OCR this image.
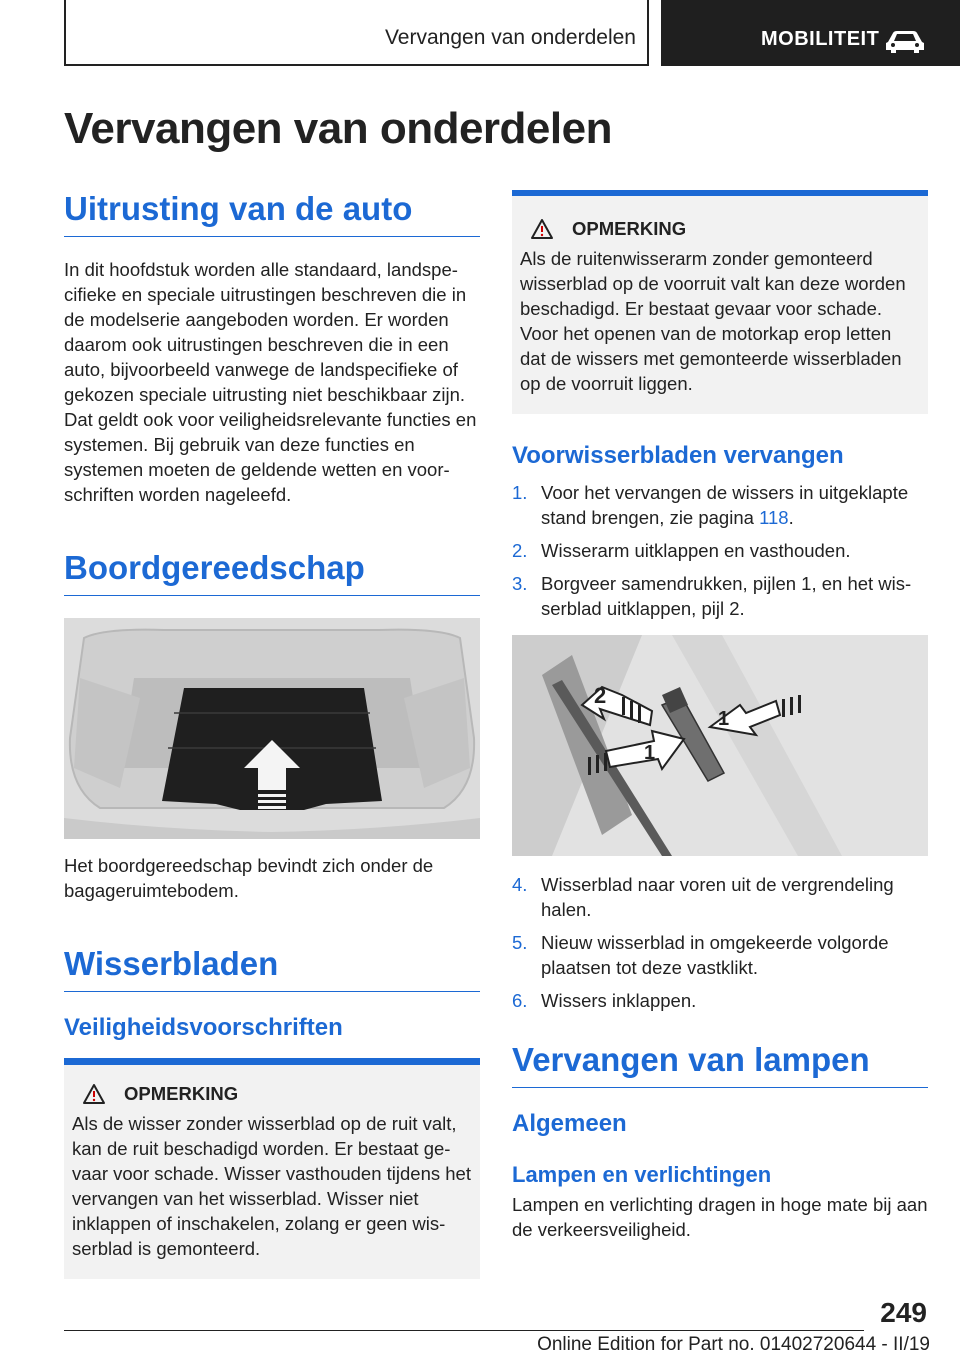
Vervangen van onderdelen	MOBILITEIT
Vervangen van onderdelen
Uitrusting van de auto
In dit hoofdstuk worden alle standaard, landspecifieke en speciale uitrustingen beschreven die in de modelserie aangeboden worden. Er worden daarom ook uitrustingen beschreven die in een auto, bijvoorbeeld vanwege de landspecifieke of gekozen speciale uitrusting niet beschikbaar zijn. Dat geldt ook voor veiligheidsrelevante functies en systemen. Bij gebruik van deze functies en systemen moeten de geldende wetten en voorschriften worden nageleefd.
Boordgereedschap
Het boordgereedschap bevindt zich onder de bagageruimtebodem.
Wisserbladen
Veiligheidsvoorschriften
OPMERKING
Als de wisser zonder wisserblad op de ruit valt, kan de ruit beschadigd worden. Er bestaat gevaar voor schade. Wisser vasthouden tijdens het vervangen van het wisserblad. Wisser niet inklappen of inschakelen, zolang er geen wisserblad is gemonteerd.
OPMERKING
Als de ruitenwisserarm zonder gemonteerd wisserblad op de voorruit valt kan deze worden beschadigd. Er bestaat gevaar voor schade. Voor het openen van de motorkap erop letten dat de wissers met gemonteerde wisserbladen op de voorruit liggen.
Voorwisserbladen vervangen
1. Voor het vervangen de wissers in uitgeklapte stand brengen, zie pagina 118.
2. Wisserarm uitklappen en vasthouden.
3. Borgveer samendrukken, pijlen 1, en het wisserblad uitklappen, pijl 2.
2
1
1
4. Wisserblad naar voren uit de vergrendeling halen.
5. Nieuw wisserblad in omgekeerde volgorde plaatsen tot deze vastklikt.
6. Wissers inklappen.
Vervangen van lampen
Algemeen
Lampen en verlichtingen
Lampen en verlichting dragen in hoge mate bij aan de verkeersveiligheid.
249
Online Edition for Part no. 01402720644 - II/19
